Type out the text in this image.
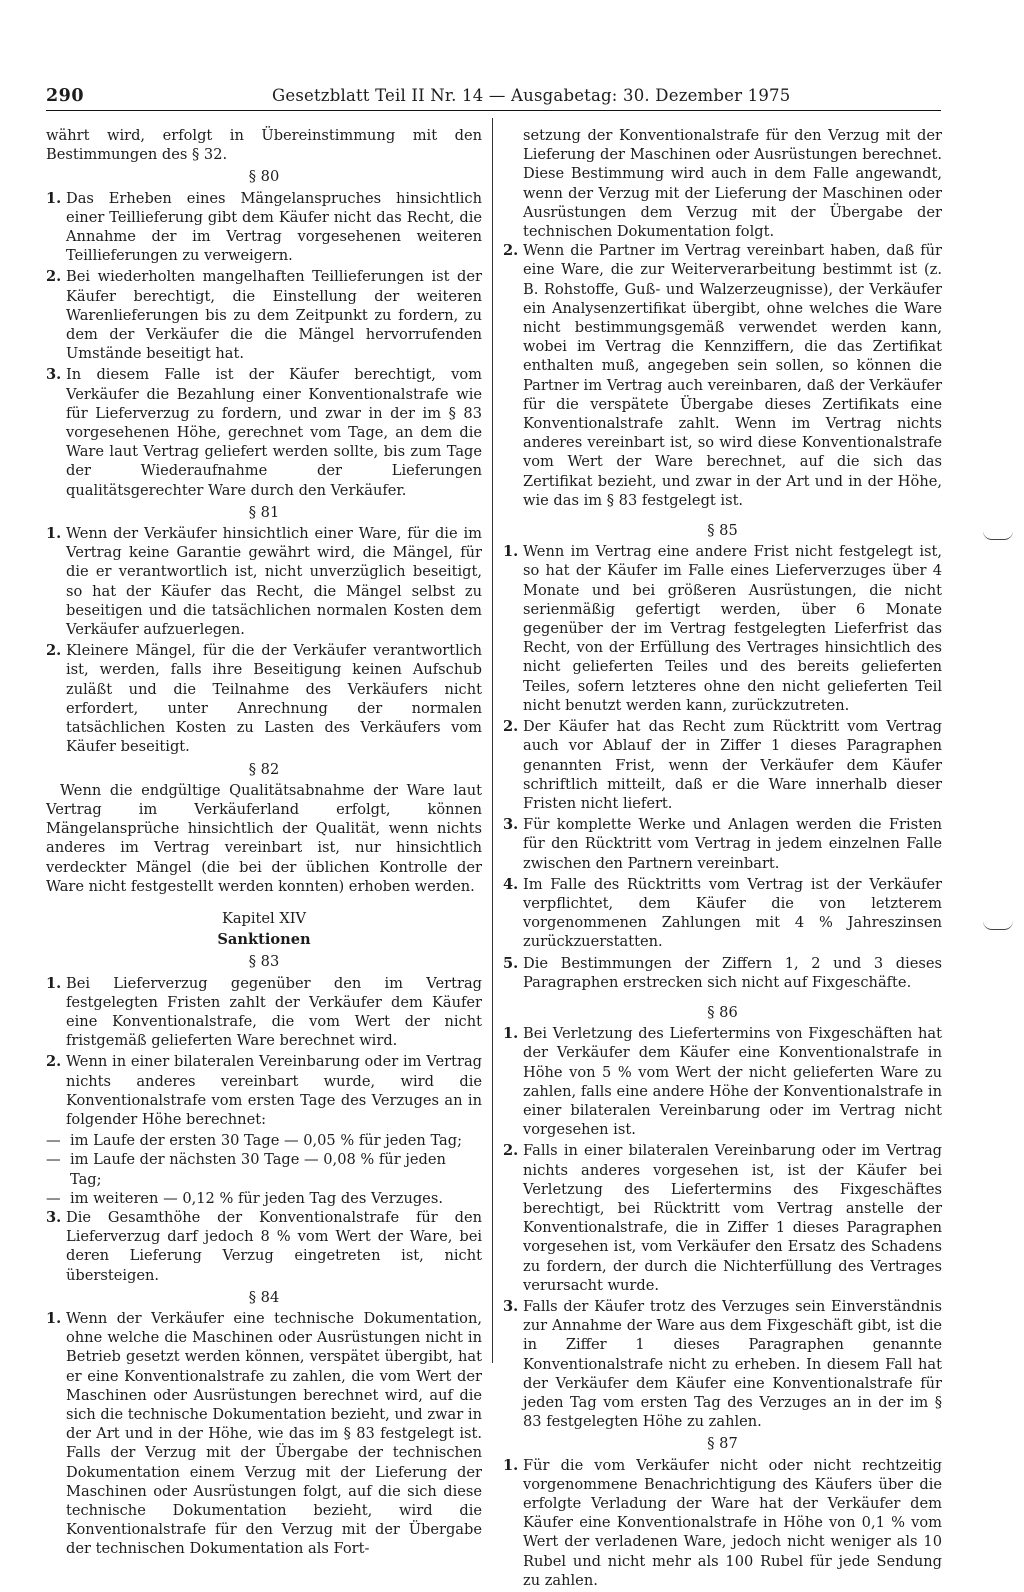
290	Gesetzblatt Teil II Nr. 14 — Ausgabetag: 30. Dezember 1975

währt wird, erfolgt in Übereinstimmung mit den Bestimmungen des § 32.

§ 80
1. Das Erheben eines Mängelanspruches hinsichtlich einer Teillieferung gibt dem Käufer nicht das Recht, die Annahme der im Vertrag vorgesehenen weiteren Teillieferungen zu verweigern.
2. Bei wiederholten mangelhaften Teillieferungen ist der Käufer berechtigt, die Einstellung der weiteren Warenlieferungen bis zu dem Zeitpunkt zu fordern, zu dem der Verkäufer die die Mängel hervorrufenden Umstände beseitigt hat.
3. In diesem Falle ist der Käufer berechtigt, vom Verkäufer die Bezahlung einer Konventionalstrafe wie für Lieferverzug zu fordern, und zwar in der im § 83 vorgesehenen Höhe, gerechnet vom Tage, an dem die Ware laut Vertrag geliefert werden sollte, bis zum Tage der Wiederaufnahme der Lieferungen qualitätsgerechter Ware durch den Verkäufer.
§ 81
1. Wenn der Verkäufer hinsichtlich einer Ware, für die im Vertrag keine Garantie gewährt wird, die Mängel, für die er verantwortlich ist, nicht unverzüglich beseitigt, so hat der Käufer das Recht, die Mängel selbst zu beseitigen und die tatsächlichen normalen Kosten dem Verkäufer aufzuerlegen.
2. Kleinere Mängel, für die der Verkäufer verantwortlich ist, werden, falls ihre Beseitigung keinen Aufschub zuläßt und die Teilnahme des Verkäufers nicht erfordert, unter Anrechnung der normalen tatsächlichen Kosten zu Lasten des Verkäufers vom Käufer beseitigt.
§ 82

Wenn die endgültige Qualitätsabnahme der Ware laut Vertrag im Verkäuferland erfolgt, können Mängelansprüche hinsichtlich der Qualität, wenn nichts anderes im Vertrag vereinbart ist, nur hinsichtlich verdeckter Mängel (die bei der üblichen Kontrolle der Ware nicht festgestellt werden konnten) erhoben werden.

Kapitel XIV
Sanktionen
§ 83
1. Bei Lieferverzug gegenüber den im Vertrag festgelegten Fristen zahlt der Verkäufer dem Käufer eine Konventionalstrafe, die vom Wert der nicht fristgemäß gelieferten Ware berechnet wird.
2. Wenn in einer bilateralen Vereinbarung oder im Vertrag nichts anderes vereinbart wurde, wird die Konventionalstrafe vom ersten Tage des Verzuges an in folgender Höhe berechnet:
— im Laufe der ersten 30 Tage — 0,05 % für jeden Tag;
— im Laufe der nächsten 30 Tage — 0,08 % für jeden Tag;
— im weiteren — 0,12 % für jeden Tag des Verzuges.
3. Die Gesamthöhe der Konventionalstrafe für den Lieferverzug darf jedoch 8 % vom Wert der Ware, bei deren Lieferung Verzug eingetreten ist, nicht übersteigen.
§ 84
1. Wenn der Verkäufer eine technische Dokumentation, ohne welche die Maschinen oder Ausrüstungen nicht in Betrieb gesetzt werden können, verspätet übergibt, hat er eine Konventionalstrafe zu zahlen, die vom Wert der Maschinen oder Ausrüstungen berechnet wird, auf die sich die technische Dokumentation bezieht, und zwar in der Art und in der Höhe, wie das im § 83 festgelegt ist. Falls der Verzug mit der Übergabe der technischen Dokumentation einem Verzug mit der Lieferung der Maschinen oder Ausrüstungen folgt, auf die sich diese technische Dokumentation bezieht, wird die Konventionalstrafe für den Verzug mit der Übergabe der technischen Dokumentation als Fort-

setzung der Konventionalstrafe für den Verzug mit der Lieferung der Maschinen oder Ausrüstungen berechnet. Diese Bestimmung wird auch in dem Falle angewandt, wenn der Verzug mit der Lieferung der Maschinen oder Ausrüstungen dem Verzug mit der Übergabe der technischen Dokumentation folgt.

2. Wenn die Partner im Vertrag vereinbart haben, daß für eine Ware, die zur Weiterverarbeitung bestimmt ist (z. B. Rohstoffe, Guß- und Walzerzeugnisse), der Verkäufer ein Analysenzertifikat übergibt, ohne welches die Ware nicht bestimmungsgemäß verwendet werden kann, wobei im Vertrag die Kennziffern, die das Zertifikat enthalten muß, angegeben sein sollen, so können die Partner im Vertrag auch vereinbaren, daß der Verkäufer für die verspätete Übergabe dieses Zertifikats eine Konventionalstrafe zahlt. Wenn im Vertrag nichts anderes vereinbart ist, so wird diese Konventionalstrafe vom Wert der Ware berechnet, auf die sich das Zertifikat bezieht, und zwar in der Art und in der Höhe, wie das im § 83 festgelegt ist.
§ 85
1. Wenn im Vertrag eine andere Frist nicht festgelegt ist, so hat der Käufer im Falle eines Lieferverzuges über 4 Monate und bei größeren Ausrüstungen, die nicht serienmäßig gefertigt werden, über 6 Monate gegenüber der im Vertrag festgelegten Lieferfrist das Recht, von der Erfüllung des Vertrages hinsichtlich des nicht gelieferten Teiles und des bereits gelieferten Teiles, sofern letzteres ohne den nicht gelieferten Teil nicht benutzt werden kann, zurückzutreten.
2. Der Käufer hat das Recht zum Rücktritt vom Vertrag auch vor Ablauf der in Ziffer 1 dieses Paragraphen genannten Frist, wenn der Verkäufer dem Käufer schriftlich mitteilt, daß er die Ware innerhalb dieser Fristen nicht liefert.
3. Für komplette Werke und Anlagen werden die Fristen für den Rücktritt vom Vertrag in jedem einzelnen Falle zwischen den Partnern vereinbart.
4. Im Falle des Rücktritts vom Vertrag ist der Verkäufer verpflichtet, dem Käufer die von letzterem vorgenommenen Zahlungen mit 4 % Jahreszinsen zurückzuerstatten.
5. Die Bestimmungen der Ziffern 1, 2 und 3 dieses Paragraphen erstrecken sich nicht auf Fixgeschäfte.
§ 86
1. Bei Verletzung des Liefertermins von Fixgeschäften hat der Verkäufer dem Käufer eine Konventionalstrafe in Höhe von 5 % vom Wert der nicht gelieferten Ware zu zahlen, falls eine andere Höhe der Konventionalstrafe in einer bilateralen Vereinbarung oder im Vertrag nicht vorgesehen ist.
2. Falls in einer bilateralen Vereinbarung oder im Vertrag nichts anderes vorgesehen ist, ist der Käufer bei Verletzung des Liefertermins des Fixgeschäftes berechtigt, bei Rücktritt vom Vertrag anstelle der Konventionalstrafe, die in Ziffer 1 dieses Paragraphen vorgesehen ist, vom Verkäufer den Ersatz des Schadens zu fordern, der durch die Nichterfüllung des Vertrages verursacht wurde.
3. Falls der Käufer trotz des Verzuges sein Einverständnis zur Annahme der Ware aus dem Fixgeschäft gibt, ist die in Ziffer 1 dieses Paragraphen genannte Konventionalstrafe nicht zu erheben. In diesem Fall hat der Verkäufer dem Käufer eine Konventionalstrafe für jeden Tag vom ersten Tag des Verzuges an in der im § 83 festgelegten Höhe zu zahlen.
§ 87
1. Für die vom Verkäufer nicht oder nicht rechtzeitig vorgenommene Benachrichtigung des Käufers über die erfolgte Verladung der Ware hat der Verkäufer dem Käufer eine Konventionalstrafe in Höhe von 0,1 % vom Wert der verladenen Ware, jedoch nicht weniger als 10 Rubel und nicht mehr als 100 Rubel für jede Sendung zu zahlen.
